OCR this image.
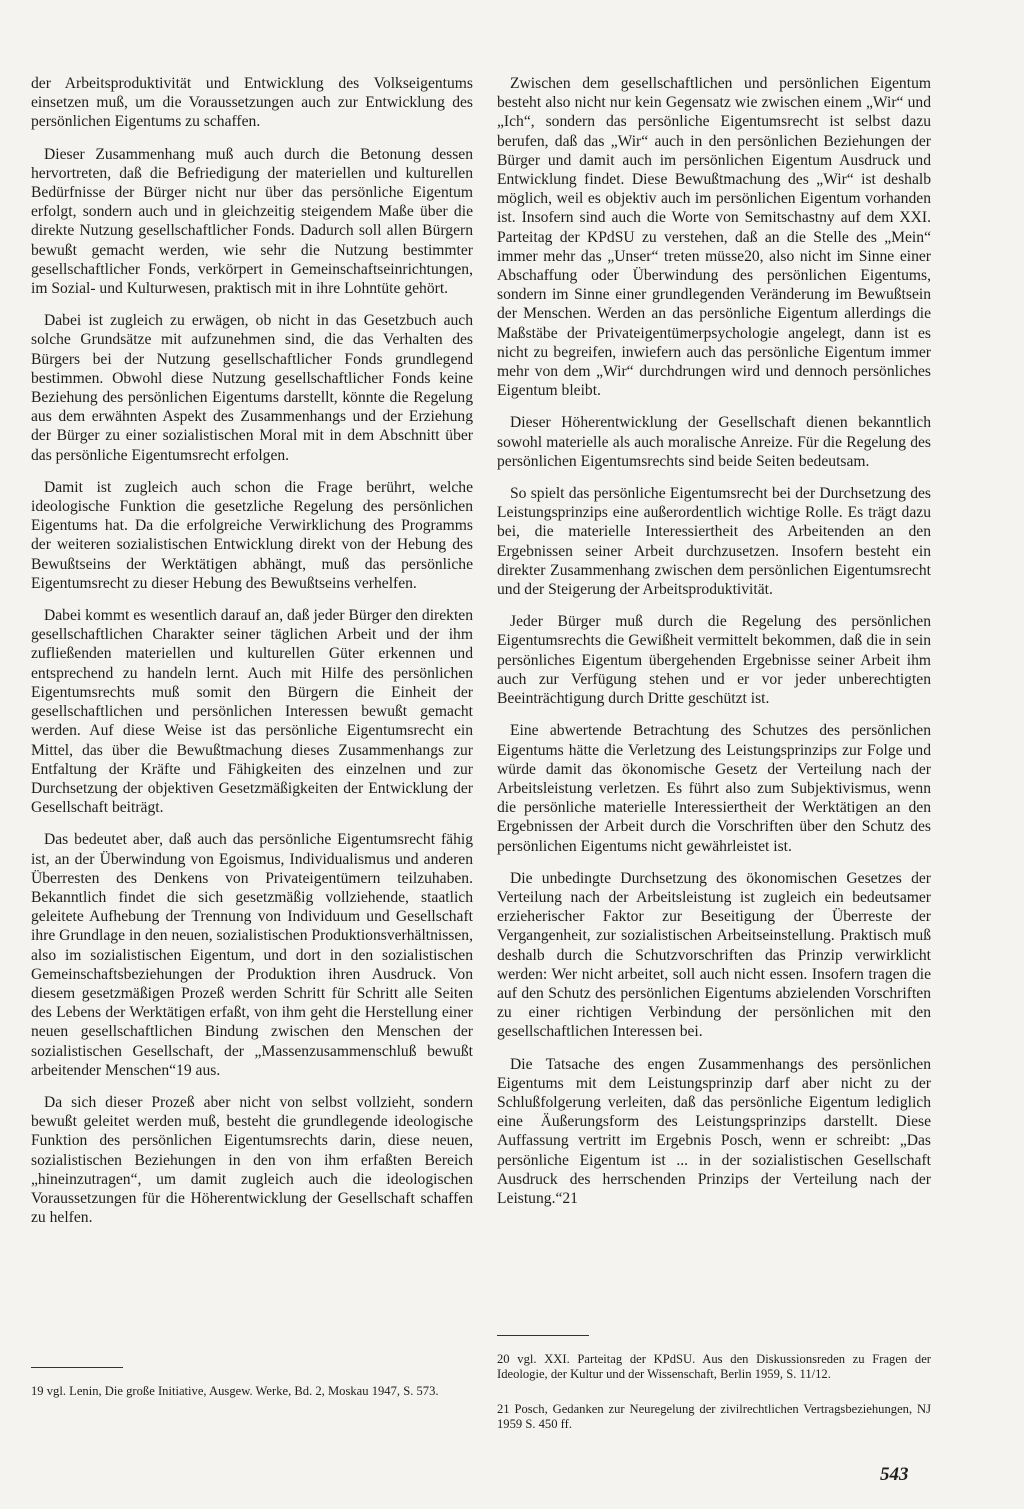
der Arbeitsproduktivität und Entwicklung des Volkseigentums einsetzen muß, um die Voraussetzungen auch zur Entwicklung des persönlichen Eigentums zu schaffen.

Dieser Zusammenhang muß auch durch die Betonung dessen hervortreten, daß die Befriedigung der materiellen und kulturellen Bedürfnisse der Bürger nicht nur über das persönliche Eigentum erfolgt, sondern auch und in gleichzeitig steigendem Maße über die direkte Nutzung gesellschaftlicher Fonds. Dadurch soll allen Bürgern bewußt gemacht werden, wie sehr die Nutzung bestimmter gesellschaftlicher Fonds, verkörpert in Gemeinschaftseinrichtungen, im Sozial- und Kulturwesen, praktisch mit in ihre Lohntüte gehört.

Dabei ist zugleich zu erwägen, ob nicht in das Gesetzbuch auch solche Grundsätze mit aufzunehmen sind, die das Verhalten des Bürgers bei der Nutzung gesellschaftlicher Fonds grundlegend bestimmen. Obwohl diese Nutzung gesellschaftlicher Fonds keine Beziehung des persönlichen Eigentums darstellt, könnte die Regelung aus dem erwähnten Aspekt des Zusammenhangs und der Erziehung der Bürger zu einer sozialistischen Moral mit in dem Abschnitt über das persönliche Eigentumsrecht erfolgen.

Damit ist zugleich auch schon die Frage berührt, welche ideologische Funktion die gesetzliche Regelung des persönlichen Eigentums hat. Da die erfolgreiche Verwirklichung des Programms der weiteren sozialistischen Entwicklung direkt von der Hebung des Bewußtseins der Werktätigen abhängt, muß das persönliche Eigentumsrecht zu dieser Hebung des Bewußtseins verhelfen.

Dabei kommt es wesentlich darauf an, daß jeder Bürger den direkten gesellschaftlichen Charakter seiner täglichen Arbeit und der ihm zufließenden materiellen und kulturellen Güter erkennen und entsprechend zu handeln lernt. Auch mit Hilfe des persönlichen Eigentumsrechts muß somit den Bürgern die Einheit der gesellschaftlichen und persönlichen Interessen bewußt gemacht werden. Auf diese Weise ist das persönliche Eigentumsrecht ein Mittel, das über die Bewußtmachung dieses Zusammenhangs zur Entfaltung der Kräfte und Fähigkeiten des einzelnen und zur Durchsetzung der objektiven Gesetzmäßigkeiten der Entwicklung der Gesellschaft beiträgt.

Das bedeutet aber, daß auch das persönliche Eigentumsrecht fähig ist, an der Überwindung von Egoismus, Individualismus und anderen Überresten des Denkens von Privateigentümern teilzuhaben. Bekanntlich findet die sich gesetzmäßig vollziehende, staatlich geleitete Aufhebung der Trennung von Individuum und Gesellschaft ihre Grundlage in den neuen, sozialistischen Produktionsverhältnissen, also im sozialistischen Eigentum, und dort in den sozialistischen Gemeinschaftsbeziehungen der Produktion ihren Ausdruck. Von diesem gesetzmäßigen Prozeß werden Schritt für Schritt alle Seiten des Lebens der Werktätigen erfaßt, von ihm geht die Herstellung einer neuen gesellschaftlichen Bindung zwischen den Menschen der sozialistischen Gesellschaft, der „Massenzusammenschluß bewußt arbeitender Menschen“19 aus.

Da sich dieser Prozeß aber nicht von selbst vollzieht, sondern bewußt geleitet werden muß, besteht die grundlegende ideologische Funktion des persönlichen Eigentumsrechts darin, diese neuen, sozialistischen Beziehungen in den von ihm erfaßten Bereich „hineinzutragen“, um damit zugleich auch die ideologischen Voraussetzungen für die Höherentwicklung der Gesellschaft schaffen zu helfen.

Zwischen dem gesellschaftlichen und persönlichen Eigentum besteht also nicht nur kein Gegensatz wie zwischen einem „Wir“ und „Ich“, sondern das persönliche Eigentumsrecht ist selbst dazu berufen, daß das „Wir“ auch in den persönlichen Beziehungen der Bürger und damit auch im persönlichen Eigentum Ausdruck und Entwicklung findet. Diese Bewußtmachung des „Wir“ ist deshalb möglich, weil es objektiv auch im persönlichen Eigentum vorhanden ist. Insofern sind auch die Worte von Semitschastny auf dem XXI. Parteitag der KPdSU zu verstehen, daß an die Stelle des „Mein“ immer mehr das „Unser“ treten müsse20, also nicht im Sinne einer Abschaffung oder Überwindung des persönlichen Eigentums, sondern im Sinne einer grundlegenden Veränderung im Bewußtsein der Menschen. Werden an das persönliche Eigentum allerdings die Maßstäbe der Privateigentümerpsychologie angelegt, dann ist es nicht zu begreifen, inwiefern auch das persönliche Eigentum immer mehr von dem „Wir“ durchdrungen wird und dennoch persönliches Eigentum bleibt.

Dieser Höherentwicklung der Gesellschaft dienen bekanntlich sowohl materielle als auch moralische Anreize. Für die Regelung des persönlichen Eigentumsrechts sind beide Seiten bedeutsam.

So spielt das persönliche Eigentumsrecht bei der Durchsetzung des Leistungsprinzips eine außerordentlich wichtige Rolle. Es trägt dazu bei, die materielle Interessiertheit des Arbeitenden an den Ergebnissen seiner Arbeit durchzusetzen. Insofern besteht ein direkter Zusammenhang zwischen dem persönlichen Eigentumsrecht und der Steigerung der Arbeitsproduktivität.

Jeder Bürger muß durch die Regelung des persönlichen Eigentumsrechts die Gewißheit vermittelt bekommen, daß die in sein persönliches Eigentum übergehenden Ergebnisse seiner Arbeit ihm auch zur Verfügung stehen und er vor jeder unberechtigten Beeinträchtigung durch Dritte geschützt ist.

Eine abwertende Betrachtung des Schutzes des persönlichen Eigentums hätte die Verletzung des Leistungsprinzips zur Folge und würde damit das ökonomische Gesetz der Verteilung nach der Arbeitsleistung verletzen. Es führt also zum Subjektivismus, wenn die persönliche materielle Interessiertheit der Werktätigen an den Ergebnissen der Arbeit durch die Vorschriften über den Schutz des persönlichen Eigentums nicht gewährleistet ist.

Die unbedingte Durchsetzung des ökonomischen Gesetzes der Verteilung nach der Arbeitsleistung ist zugleich ein bedeutsamer erzieherischer Faktor zur Beseitigung der Überreste der Vergangenheit, zur sozialistischen Arbeitseinstellung. Praktisch muß deshalb durch die Schutzvorschriften das Prinzip verwirklicht werden: Wer nicht arbeitet, soll auch nicht essen. Insofern tragen die auf den Schutz des persönlichen Eigentums abzielenden Vorschriften zu einer richtigen Verbindung der persönlichen mit den gesellschaftlichen Interessen bei.

Die Tatsache des engen Zusammenhangs des persönlichen Eigentums mit dem Leistungsprinzip darf aber nicht zu der Schlußfolgerung verleiten, daß das persönliche Eigentum lediglich eine Äußerungsform des Leistungsprinzips darstellt. Diese Auffassung vertritt im Ergebnis Posch, wenn er schreibt: „Das persönliche Eigentum ist ... in der sozialistischen Gesellschaft Ausdruck des herrschenden Prinzips der Verteilung nach der Leistung.“21

19 vgl. Lenin, Die große Initiative, Ausgew. Werke, Bd. 2, Moskau 1947, S. 573.

20 vgl. XXI. Parteitag der KPdSU. Aus den Diskussionsreden zu Fragen der Ideologie, der Kultur und der Wissenschaft, Berlin 1959, S. 11/12.

21 Posch, Gedanken zur Neuregelung der zivilrechtlichen Vertragsbeziehungen, NJ 1959 S. 450 ff.

543
